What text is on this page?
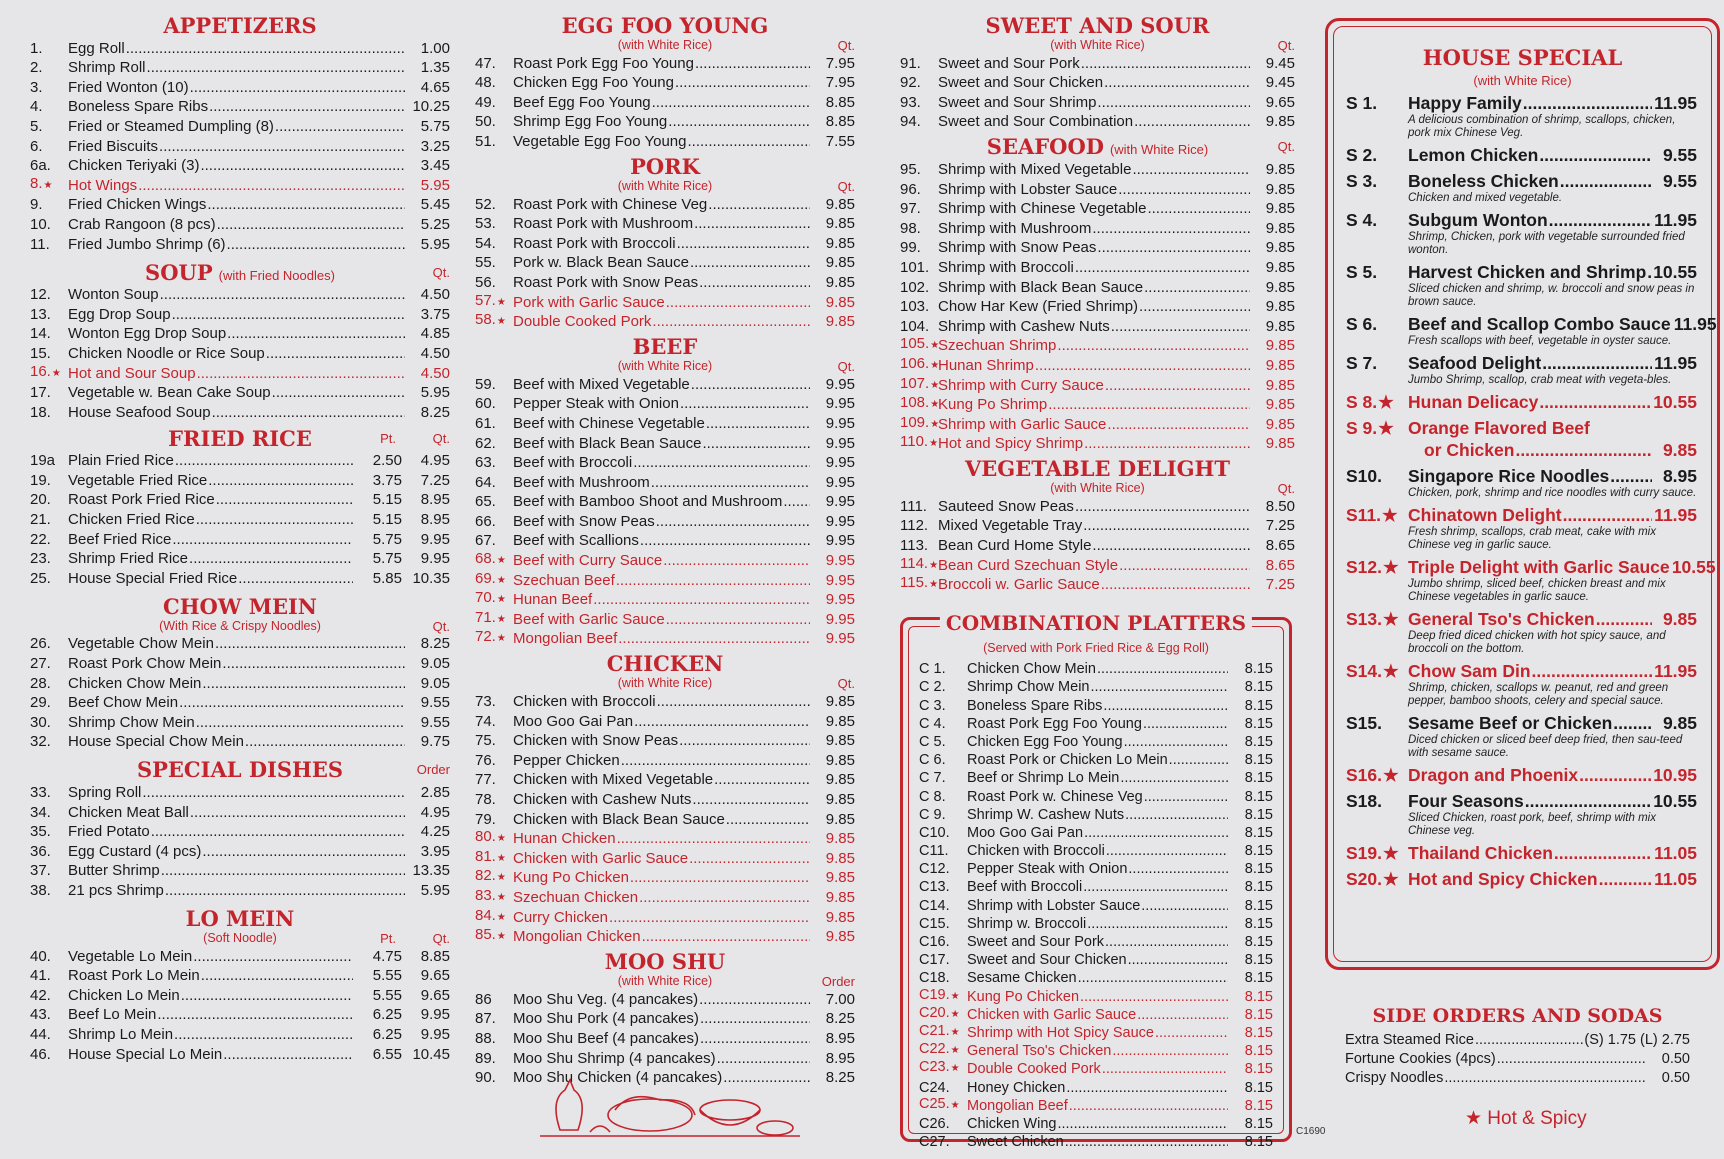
APPETIZERS
1.	Egg Roll .....	1.00
2.	Shrimp Roll .....	1.35
3.	Fried Wonton (10) .....	4.65
4.	Boneless Spare Ribs .....	10.25
5.	Fried or Steamed Dumpling (8) .....	5.75
6.	Fried Biscuits .....	3.25
6a.	Chicken Teriyaki (3) .....	3.45
8.★	Hot Wings .....	5.95
9.	Fried Chicken Wings .....	5.45
10.	Crab Rangoon (8 pcs) .....	5.25
11.	Fried Jumbo Shrimp (6) .....	5.95
SOUP (with Fried Noodles)	Qt.
12.	Wonton Soup .....	4.50
13.	Egg Drop Soup .....	3.75
14.	Wonton Egg Drop Soup .....	4.85
15.	Chicken Noodle or Rice Soup .....	4.50
16.★ Hot and Sour Soup .....	4.50
17.	Vegetable w. Bean Cake Soup .....	5.95
18.	House Seafood Soup .....	8.25
FRIED RICE	Pt.	Qt.
19a Plain Fried Rice .....	2.50	4.95
19.	Vegetable Fried Rice .....	3.75	7.25
20.	Roast Pork Fried Rice .....	5.15	8.95
21.	Chicken Fried Rice .....	5.15	8.95
22.	Beef Fried Rice .....	5.75	9.95
23.	Shrimp Fried Rice .....	5.75	9.95
25.	House Special Fried Rice .....	5.85 10.35
CHOW MEIN
(With Rice & Crispy Noodles)	Qt.
26.	Vegetable Chow Mein .....	8.25
27.	Roast Pork Chow Mein .....	9.05
28.	Chicken Chow Mein .....	9.05
29.	Beef Chow Mein .....	9.55
30.	Shrimp Chow Mein .....	9.55
32.	House Special Chow Mein .....	9.75
SPECIAL DISHES	Order
33.	Spring Roll .....	2.85
34.	Chicken Meat Ball .....	4.95
35.	Fried Potato .....	4.25
36.	Egg Custard (4 pcs) .....	3.95
37.	Butter Shrimp .....	13.35
38.	21 pcs Shrimp .....	5.95
LO MEIN
(Soft Noodle)	Pt.	Qt.
40.	Vegetable Lo Mein .....	4.75	8.85
41.	Roast Pork Lo Mein .....	5.55	9.65
42.	Chicken Lo Mein .....	5.55	9.65
43.	Beef Lo Mein .....	6.25	9.95
44.	Shrimp Lo Mein .....	6.25	9.95
46.	House Special Lo Mein .....	6.55 10.45
EGG FOO YOUNG
(with White Rice)	Qt.
47.	Roast Pork Egg Foo Young .....	7.95
48.	Chicken Egg Foo Young .....	7.95
49.	Beef Egg Foo Young .....	8.85
50.	Shrimp Egg Foo Young .....	8.85
51.	Vegetable Egg Foo Young .....	7.55
PORK
(with White Rice)	Qt.
52.	Roast Pork with Chinese Veg .....	9.85
53.	Roast Pork with Mushroom .....	9.85
54.	Roast Pork with Broccoli .....	9.85
55.	Pork w. Black Bean Sauce .....	9.85
56.	Roast Pork with Snow Peas .....	9.85
57.★ Pork with Garlic Sauce .....	9.85
58.★ Double Cooked Pork .....	9.85
BEEF
(with White Rice)	Qt.
59.	Beef with Mixed Vegetable .....	9.95
60.	Pepper Steak with Onion .....	9.95
61.	Beef with Chinese Vegetable .....	9.95
62.	Beef with Black Bean Sauce .....	9.95
63.	Beef with Broccoli .....	9.95
64.	Beef with Mushroom .....	9.95
65.	Beef with Bamboo Shoot and Mushroom .....	9.95
66.	Beef with Snow Peas .....	9.95
67.	Beef with Scallions .....	9.95
68.★ Beef with Curry Sauce .....	9.95
69.★ Szechuan Beef .....	9.95
70.★ Hunan Beef .....	9.95
71.★ Beef with Garlic Sauce .....	9.95
72.★ Mongolian Beef .....	9.95
CHICKEN
(with White Rice)	Qt.
73.	Chicken with Broccoli .....	9.85
74.	Moo Goo Gai Pan .....	9.85
75.	Chicken with Snow Peas .....	9.85
76.	Pepper Chicken .....	9.85
77.	Chicken with Mixed Vegetable .....	9.85
78.	Chicken with Cashew Nuts .....	9.85
79.	Chicken with Black Bean Sauce .....	9.85
80.★ Hunan Chicken .....	9.85
81.★ Chicken with Garlic Sauce .....	9.85
82.★ Kung Po Chicken .....	9.85
83.★ Szechuan Chicken .....	9.85
84.★ Curry Chicken .....	9.85
85.★ Mongolian Chicken .....	9.85
MOO SHU
(with White Rice)	Order
86	Moo Shu Veg. (4 pancakes) .....	7.00
87.	Moo Shu Pork (4 pancakes) .....	8.25
88.	Moo Shu Beef (4 pancakes) .....	8.95
89.	Moo Shu Shrimp (4 pancakes) .....	8.95
90.	Moo Shu Chicken (4 pancakes) .....	8.25
SWEET AND SOUR
(with White Rice)	Qt.
91.	Sweet and Sour Pork .....	9.45
92.	Sweet and Sour Chicken .....	9.45
93.	Sweet and Sour Shrimp .....	9.65
94.	Sweet and Sour Combination .....	9.85
SEAFOOD (with White Rice)	Qt.
95.	Shrimp with Mixed Vegetable .....	9.85
96.	Shrimp with Lobster Sauce .....	9.85
97.	Shrimp with Chinese Vegetable .....	9.85
98.	Shrimp with Mushroom .....	9.85
99.	Shrimp with Snow Peas .....	9.85
101. Shrimp with Broccoli .....	9.85
102. Shrimp with Black Bean Sauce .....	9.85
103. Chow Har Kew (Fried Shrimp) .....	9.85
104. Shrimp with Cashew Nuts .....	9.85
105.★
Szechuan Shrimp .....	9.85
106.★
Hunan Shrimp .....	9.85
107.★
Shrimp with Curry Sauce .....	9.85
108.★
Kung Po Shrimp .....	9.85
109.★
Shrimp with Garlic Sauce .....	9.85
110.★ Hot and Spicy Shrimp .....	9.85
VEGETABLE DELIGHT
(with White Rice)	Qt.
111. Sauteed Snow Peas .....	8.50
112. Mixed Vegetable Tray .....	7.25
113. Bean Curd Home Style .....	8.65
114.★ Bean Curd Szechuan Style .....	8.65
115.★ Broccoli w. Garlic Sauce .....	7.25
COMBINATION PLATTERS
(Served with Pork Fried Rice & Egg Roll)
C 1.	Chicken Chow Mein .....	8.15
C 2.	Shrimp Chow Mein .....	8.15
C 3.	Boneless Spare Ribs .....	8.15
C 4.	Roast Pork Egg Foo Young .....	8.15
C 5.	Chicken Egg Foo Young .....	8.15
C 6.	Roast Pork or Chicken Lo Mein .....	8.15
C 7.	Beef or Shrimp Lo Mein .....	8.15
C 8.	Roast Pork w. Chinese Veg .....	8.15
C 9.	Shrimp W. Cashew Nuts .....	8.15
C10.	Moo Goo Gai Pan .....	8.15
C11.	Chicken with Broccoli .....	8.15
C12.	Pepper Steak with Onion .....	8.15
C13.	Beef with Broccoli .....	8.15
C14.	Shrimp with Lobster Sauce .....	8.15
C15.	Shrimp w. Broccoli .....	8.15
C16.	Sweet and Sour Pork .....	8.15
C17.	Sweet and Sour Chicken .....	8.15
C18.	Sesame Chicken .....	8.15
C19.★ Kung Po Chicken .....	8.15
C20.★ Chicken with Garlic Sauce .....	8.15
C21.★ Shrimp with Hot Spicy Sauce .....	8.15
C22.★ General Tso's Chicken .....	8.15
C23.★ Double Cooked Pork .....	8.15
C24.	Honey Chicken .....	8.15
C25.★ Mongolian Beef .....	8.15
C26.	Chicken Wing .....	8.15
C27.	Sweet Chicken .....	8.15
C1690
HOUSE SPECIAL
(with White Rice)
S 1.	Happy Family .....	11.95
A delicious combination of shrimp, scallops, chicken, pork mix Chinese Veg.
S 2.	Lemon Chicken .....	9.55
S 3.	Boneless Chicken .....	9.55
Chicken and mixed vegetable.
S 4.	Subgum Wonton .....	11.95
Shrimp, Chicken, pork with vegetable surrounded fried wonton.
S 5.	Harvest Chicken and Shrimp ..... 10.55
Sliced chicken and shrimp, w. broccoli and snow peas in brown sauce.
S 6.	Beef and Scallop Combo Sauce 11.95
Fresh scallops with beef, vegetable in oyster sauce.
S 7.	Seafood Delight .....	11.95
Jumbo Shrimp, scallop, crab meat with vegeta-bles.
S 8.★ Hunan Delicacy .....	10.55
S 9.★ Orange Flavored Beef
or Chicken .....	9.85
S10.	Singapore Rice Noodles .....	8.95
Chicken, pork, shrimp and rice noodles with curry sauce.
S11.★ Chinatown Delight .....	11.95
Fresh shrimp, scallops, crab meat, cake with mix Chinese veg in garlic sauce.
S12.★ Triple Delight with Garlic Sauce 10.55
Jumbo shrimp, sliced beef, chicken breast and mix Chinese vegetables in garlic sauce.
S13.★ General Tso's Chicken .....	9.85
Deep fried diced chicken with hot spicy sauce, and broccoli on the bottom.
S14.★ Chow Sam Din .....	11.95
Shrimp, chicken, scallops w. peanut, red and green pepper, bamboo shoots, celery and special sauce.
S15.	Sesame Beef or Chicken .....	9.85
Diced chicken or sliced beef deep fried, then sau-teed with sesame sauce.
S16.★ Dragon and Phoenix .....	10.95
S18.	Four Seasons .....	10.55
Sliced Chicken, roast pork, beef, shrimp with mix Chinese veg.
S19.★ Thailand Chicken .....	11.05
S20.★ Hot and Spicy Chicken .....	11.05
SIDE ORDERS AND SODAS
Extra Steamed Rice .....	(S) 1.75 (L) 2.75
Fortune Cookies (4pcs) .....	0.50
Crispy Noodles .....	0.50
★ Hot & Spicy
